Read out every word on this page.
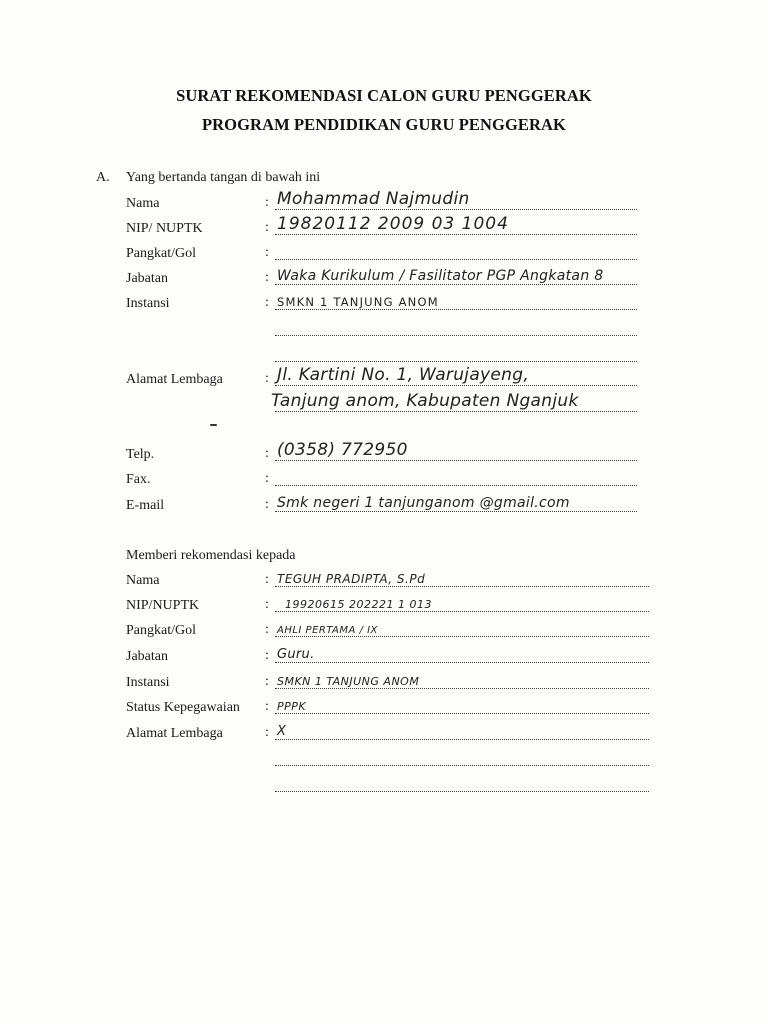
SURAT REKOMENDASI CALON GURU PENGGERAK
PROGRAM PENDIDIKAN GURU PENGGERAK
A. Yang bertanda tangan di bawah ini
Nama	: Mohammad Najmudin
NIP/ NUPTK	: 19820112 2009 03 1004
Pangkat/Gol	:
Jabatan	: Waka Kurikulum / Fasilitator PGP Angkatan 8
Instansi	: SMKN 1 TANJUNG ANOM
Alamat Lembaga	: Jl. Kartini No. 1, Warujayeng,
Tanjung anom, Kabupaten Nganjuk
Telp.	: (0358) 772950
Fax.	:
E-mail	: Smk negeri 1 tanjunganom @gmail.com
Memberi rekomendasi kepada
Nama	: TEGUH PRADIPTA, S.Pd
NIP/NUPTK	: 19920615 202221 1 013
Pangkat/Gol	: AHLI PERTAMA / IX
Jabatan	: Guru.
Instansi	: SMKN 1 TANJUNG ANOM
Status Kepegawaian : PPPK
Alamat Lembaga	: X
